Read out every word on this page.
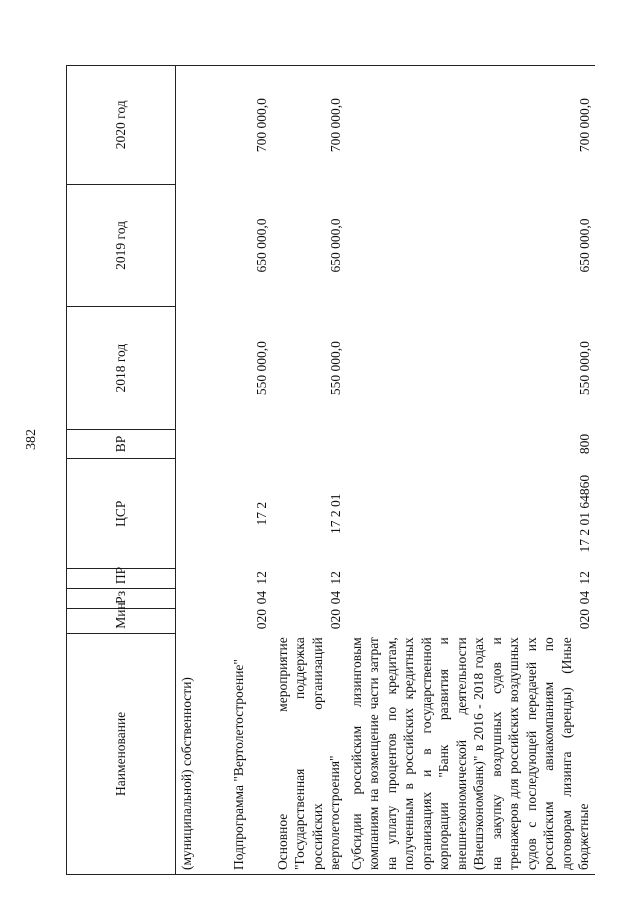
382
Наименование	Мин	Рз	ПР	ЦСР	ВР	2018 год	2019 год	2020 год
(муниципальной) собственности)								
Подпрограмма "Вертолетостроение"	020	04	12	17 2		550 000,0	650 000,0	700 000,0
Основное мероприятие "Государственная поддержка российских организаций вертолетостроения"	020	04	12	17 2 01		550 000,0	650 000,0	700 000,0
Субсидии российским лизинговым компаниям на возмещение части затрат на уплату процентов по кредитам, полученным в российских кредитных организациях и в государственной корпорации "Банк развития и внешнеэкономической деятельности (Внешэкономбанк)" в 2016 - 2018 годах на закупку воздушных судов и тренажеров для российских воздушных судов с последующей передачей их российским авиакомпаниям по договорам лизинга (аренды) (Иные бюджетные	020	04	12	17 2 01 64860	800	550 000,0	650 000,0	700 000,0
